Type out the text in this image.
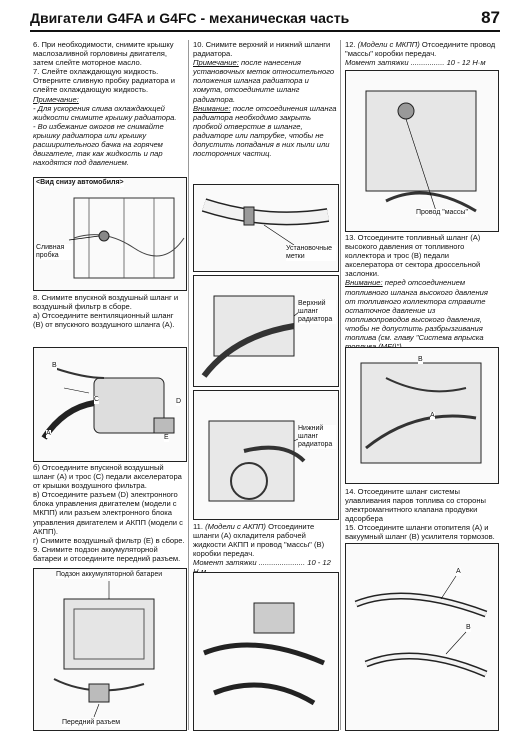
Двигатели G4FA и G4FC - механическая часть	87

6. При необходимости, снимите крышку маслозаливной горловины двигателя, затем слейте моторное масло.

7. Слейте охлаждающую жидкость.

Отверните сливную пробку радиатора и слейте охлаждающую жидкость.

Примечание:

- Для ускорения слива охлаждающей жидкости снимите крышку радиатора.

- Во избежание ожогов не снимайте крышку радиатора или крышку расширительного бачка на горячем двигателе, так как жидкость и пар находятся под давлением.

<Вид снизу автомобиля>
Сливная пробка

8. Снимите впускной воздушный шланг и воздушный фильтр в сборе.

а) Отсоедините вентиляционный шланг (В) от впускного воздушного шланга (А).

B
C	D
A
E

б) Отсоедините впускной воздушный шланг (А) и трос (С) педали акселератора от крышки воздушного фильтра.

в) Отсоедините разъем (D) электронного блока управления двигателем (модели с МКПП) или разъем электронного блока управления двигателем и АКПП (модели с АКПП).

г) Снимите воздушный фильтр (Е) в сборе.

9. Снимите подзон аккумуляторной батареи и отсоедините передний разъем.

Подзон аккумуляторной батареи
Передний разъем

10. Снимите верхний и нижний шланги радиатора.

Примечание: после нанесения установочных меток относительного положения шланга радиатора и хомута, отсоедините шланг радиатора.

Внимание: после отсоединения шланга радиатора необходимо закрыть пробкой отверстие в шланге, радиаторе или патрубке, чтобы не допустить попадания в них пыли или посторонних частиц.

Установочные метки
Верхний шланг радиатора
Нижний шланг радиатора

11. (Модели с АКПП) Отсоедините шланги (А) охладителя рабочей жидкости АКПП и провод "массы" (В) коробки передач.

Момент затяжки ...................... 10 - 12

12. (Модели с МКПП) Отсоедините провод "массы" коробки передач.

Момент затяжки ................ 10 - 12 Н·м

Провод "массы"

13. Отсоедините топливный шланг (А) высокого давления от топливного коллектора и трос (В) педали акселератора от сектора дроссельной заслонки.

Внимание: перед отсоединением топливного шланга высокого давления от топливного коллектора стравите остаточное давление из топливопроводов высокого давления, чтобы не допустить разбрызгивания топлива (см. главу "Система впрыска

B
A

14. Отсоедините шланг системы улавливания паров топлива со стороны электромагнитного клапана продувки адсорбера

15. Отсоедините шланги отопителя (А) и вакуумный шланг (В) усилителя тормозов.

A
B
